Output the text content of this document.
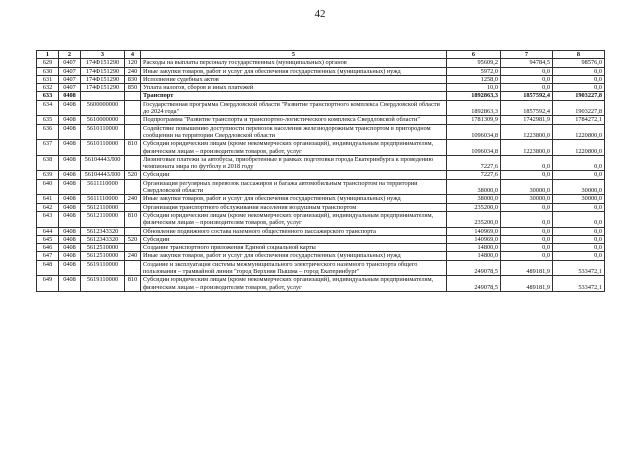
42
1	2	3	4	5	6	7	8
629	0407	174Ф151290	120	Расходы на выплаты персоналу государственных (муниципальных) органов	95609,2	94784,5	98576,0
630	0407	174Ф151290	240	Иные закупки товаров, работ и услуг для обеспечения государственных (муниципальных) нужд	5972,0	0,0	0,0
631	0407	174Ф151290	830	Исполнение судебных актов	1258,0	0,0	0,0
632	0407	174Ф151290	850	Уплата налогов, сборов и иных платежей	10,0	0,0	0,0
633	0408			Транспорт	1892863,3	1857592,4	1903227,8
634	0408	5600000000		Государственная программа Свердловской области "Развитие транспортного комплекса Свердловской области до 2024 года"	1892863,3	1857592,4	1903227,8
635	0408	5610000000		Подпрограмма "Развитие транспорта и транспортно-логистического комплекса Свердловской области"	1781309,9	1742981,9	1784272,1
636	0408	5610110000		Содействие повышению доступности перевозок населения железнодорожным транспортом в пригородном сообщении на территории Свердловской области	1096034,8	1223800,0	1220800,0
637	0408	5610110000	810	Субсидии юридическим лицам (кроме некоммерческих организаций), индивидуальным предпринимателям, физическим лицам – производителям товаров, работ, услуг	1096034,8	1223800,0	1220800,0
638	0408	56104443Л00		Лизинговые платежи за автобусы, приобретенные в рамках подготовки города Екатеринбурга к проведению чемпионата мира по футболу в 2018 году	7227,6	0,0	0,0
639	0408	56104443Л00	520	Субсидии	7227,6	0,0	0,0
640	0408	5611110000		Организация регулярных перевозок пассажиров и багажа автомобильным транспортом на территории Свердловской области	38000,0	30000,0	30000,0
641	0408	5611110000	240	Иные закупки товаров, работ и услуг для обеспечения государственных (муниципальных) нужд	38000,0	30000,0	30000,0
642	0408	5612110000		Организация транспортного обслуживания населения воздушным транспортом	235200,0	0,0	0,0
643	0408	5612110000	810	Субсидии юридическим лицам (кроме некоммерческих организаций), индивидуальным предпринимателям, физическим лицам – производителям товаров, работ, услуг	235200,0	0,0	0,0
644	0408	5612343320		Обновление подвижного состава наземного общественного пассажирского транспорта	140969,0	0,0	0,0
645	0408	5612343320	520	Субсидии	140969,0	0,0	0,0
646	0408	5612510000		Создание транспортного приложения Единой социальной карты	14800,0	0,0	0,0
647	0408	5612510000	240	Иные закупки товаров, работ и услуг для обеспечения государственных (муниципальных) нужд	14800,0	0,0	0,0
648	0408	5619110000		Создание и эксплуатация системы межмуниципального электрического наземного транспорта общего пользования – трамвайной линии "город Верхняя Пышма – город Екатеринбург"	249078,5	489181,9	533472,1
649	0408	5619110000	810	Субсидии юридическим лицам (кроме некоммерческих организаций), индивидуальным предпринимателям, физическим лицам – производителям товаров, работ, услуг	249078,5	489181,9	533472,1
